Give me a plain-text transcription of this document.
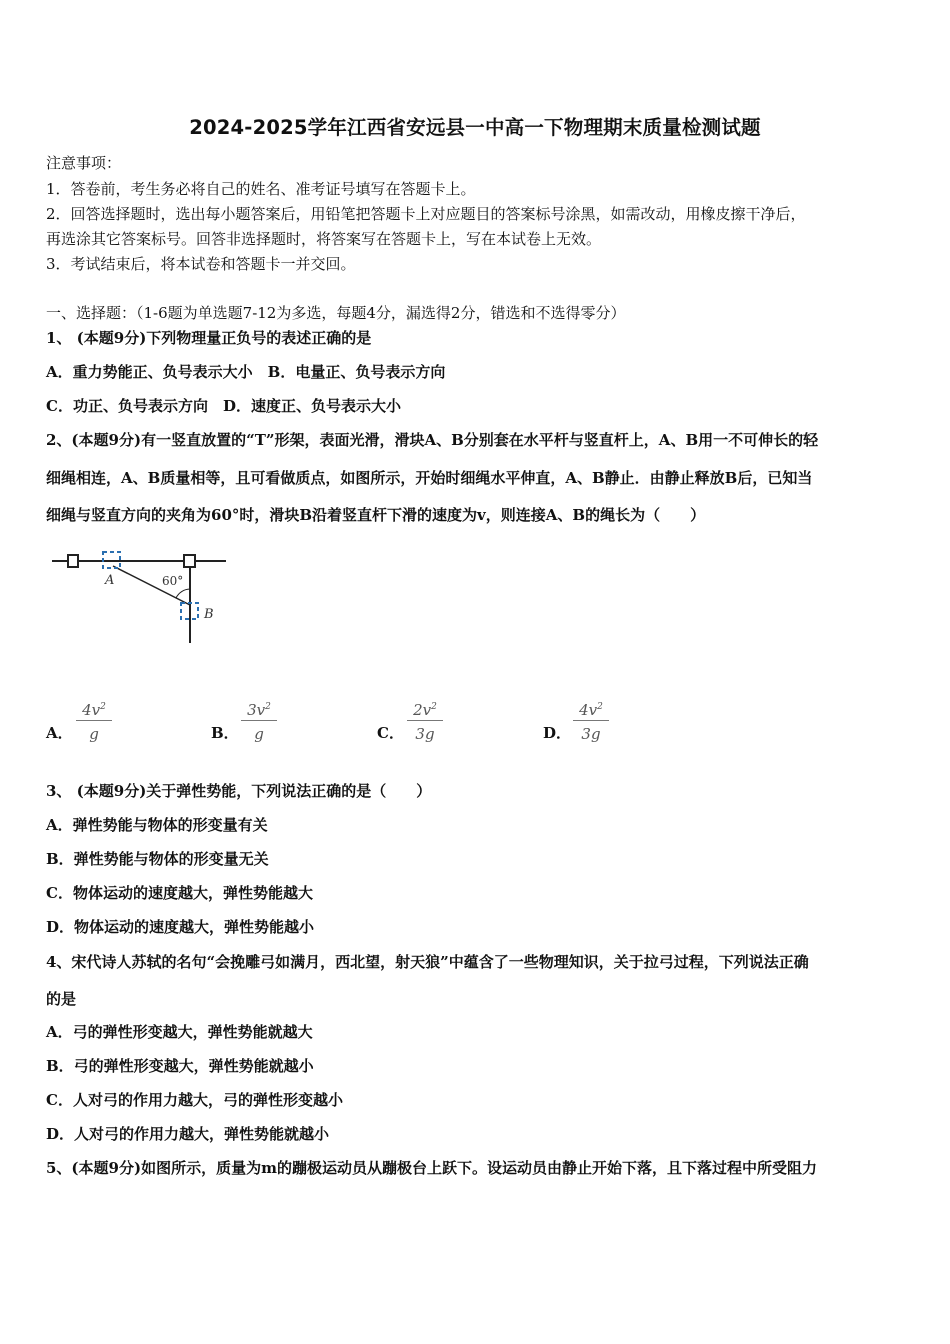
2024-2025学年江西省安远县一中高一下物理期末质量检测试题
注意事项：
1．答卷前，考生务必将自己的姓名、准考证号填写在答题卡上。
2．回答选择题时，选出每小题答案后，用铅笔把答题卡上对应题目的答案标号涂黑，如需改动，用橡皮擦干净后，
再选涂其它答案标号。回答非选择题时，将答案写在答题卡上，写在本试卷上无效。
3．考试结束后，将本试卷和答题卡一并交回。
一、选择题：（1-6题为单选题7-12为多选，每题4分，漏选得2分，错选和不选得零分）
1、 (本题9分)下列物理量正负号的表述正确的是
A．重力势能正、负号表示大小　B．电量正、负号表示方向
C．功正、负号表示方向　D．速度正、负号表示大小
2、(本题9分)有一竖直放置的“T”形架，表面光滑，滑块A、B分别套在水平杆与竖直杆上，A、B用一不可伸长的轻
细绳相连，A、B质量相等，且可看做质点，如图所示，开始时细绳水平伸直，A、B静止．由静止释放B后，已知当
细绳与竖直方向的夹角为60°时，滑块B沿着竖直杆下滑的速度为v，则连接A、B的绳长为（　　）
A
B
60°
A．
$4v^2$
g	B．
$3v^2$
g	C．
$2v^2$
3g	D．
$4v^2$
3g
3、 (本题9分)关于弹性势能，下列说法正确的是（　　）
A．弹性势能与物体的形变量有关
B．弹性势能与物体的形变量无关
C．物体运动的速度越大，弹性势能越大
D．物体运动的速度越大，弹性势能越小
4、宋代诗人苏轼的名句“会挽雕弓如满月，西北望，射天狼”中蕴含了一些物理知识，关于拉弓过程，下列说法正确
的是
A．弓的弹性形变越大，弹性势能就越大
B．弓的弹性形变越大，弹性势能就越小
C．人对弓的作用力越大，弓的弹性形变越小
D．人对弓的作用力越大，弹性势能就越小
5、(本题9分)如图所示，质量为m的蹦极运动员从蹦极台上跃下。设运动员由静止开始下落，且下落过程中所受阻力
